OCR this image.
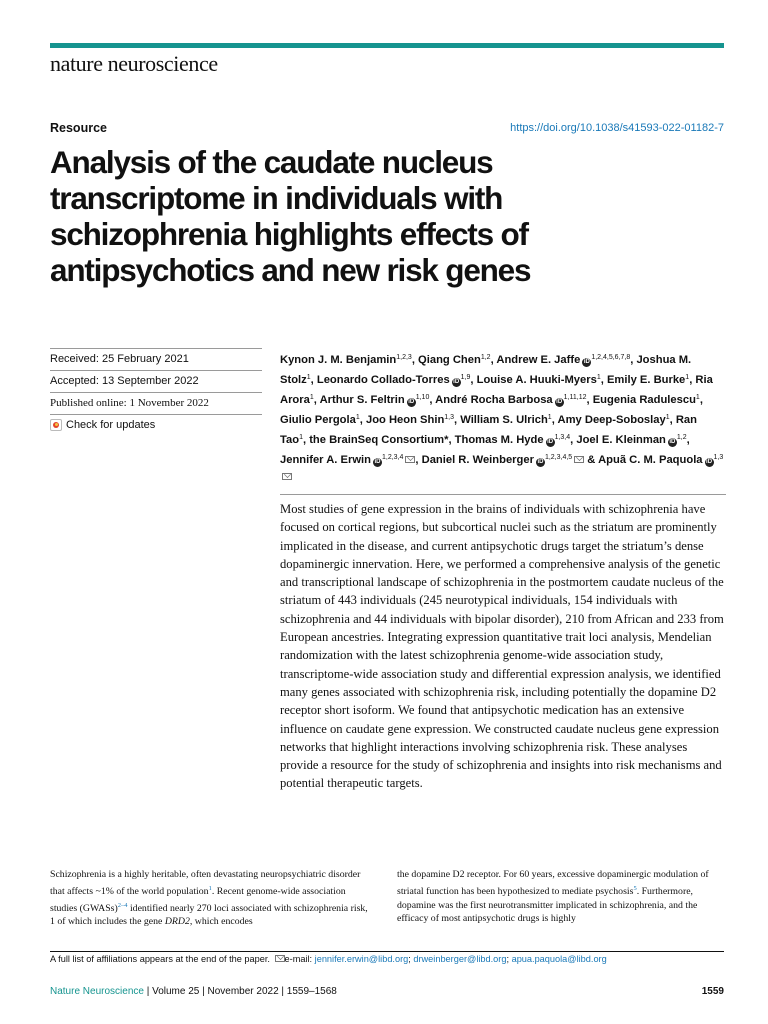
nature neuroscience
Resource	https://doi.org/10.1038/s41593-022-01182-7
Analysis of the caudate nucleus transcriptome in individuals with schizophrenia highlights effects of antipsychotics and new risk genes
Received: 25 February 2021
Accepted: 13 September 2022
Published online: 1 November 2022
Check for updates
Kynon J. M. Benjamin$^{1,2,3}$, Qiang Chen$^{1,2}$, Andrew E. Jaffe iD$^{1,2,4,5,6,7,8}$, Joshua M. Stolz$^1$, Leonardo Collado-Torres iD$^{1,9}$, Louise A. Huuki-Myers$^1$, Emily E. Burke$^1$, Ria Arora$^1$, Arthur S. Feltrin iD$^{1,10}$, André Rocha Barbosa iD$^{1,11,12}$, Eugenia Radulescu$^1$, Giulio Pergola$^1$, Joo Heon Shin$^{1,3}$, William S. Ulrich$^1$, Amy Deep-Soboslay$^1$, Ran Tao$^1$, the BrainSeq Consortium*, Thomas M. Hyde iD$^{1,3,4}$, Joel E. Kleinman iD$^{1,2}$, Jennifer A. Erwin iD$^{1,2,3,4}$ , Daniel R. Weinberger iD$^{1,2,3,4,5}$ & Apuã C. M. Paquola iD$^{1,3}$
Most studies of gene expression in the brains of individuals with schizophrenia have focused on cortical regions, but subcortical nuclei such as the striatum are prominently implicated in the disease, and current antipsychotic drugs target the striatum’s dense dopaminergic innervation. Here, we performed a comprehensive analysis of the genetic and transcriptional landscape of schizophrenia in the postmortem caudate nucleus of the striatum of 443 individuals (245 neurotypical individuals, 154 individuals with schizophrenia and 44 individuals with bipolar disorder), 210 from African and 233 from European ancestries. Integrating expression quantitative trait loci analysis, Mendelian randomization with the latest schizophrenia genome-wide association study, transcriptome-wide association study and differential expression analysis, we identified many genes associated with schizophrenia risk, including potentially the dopamine D2 receptor short isoform. We found that antipsychotic medication has an extensive influence on caudate gene expression. We constructed caudate nucleus gene expression networks that highlight interactions involving schizophrenia risk. These analyses provide a resource for the study of schizophrenia and insights into risk mechanisms and potential therapeutic targets.
Schizophrenia is a highly heritable, often devastating neuropsychiatric disorder that affects ~1% of the world population$^1$. Recent genome-wide association studies (GWASs)$^{2-4}$ identified nearly 270 loci associated with schizophrenia risk, 1 of which includes the gene DRD2, which encodes
the dopamine D2 receptor. For 60 years, excessive dopaminergic modulation of striatal function has been hypothesized to mediate psychosis$^5$. Furthermore, dopamine was the first neurotransmitter implicated in schizophrenia, and the efficacy of most antipsychotic drugs is highly
A full list of affiliations appears at the end of the paper. e-mail: jennifer.erwin@libd.org; drweinberger@libd.org; apua.paquola@libd.org
Nature Neuroscience | Volume 25 | November 2022 | 1559–1568	1559
